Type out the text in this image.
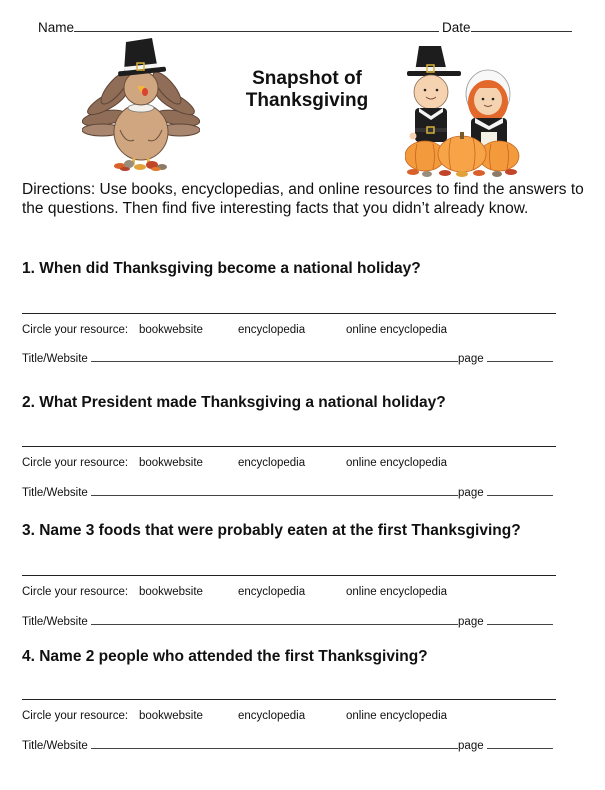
Name	Date
Snapshot of
Thanksgiving
Directions: Use books, encyclopedias, and online resources to find the answers to the questions. Then find five interesting facts that you didn’t already know.
1. When did Thanksgiving become a national holiday?
Circle your resource: bookwebsite	encyclopedia	online encyclopedia
Title/Website	page
2. What President made Thanksgiving a national holiday?
Circle your resource: bookwebsite	encyclopedia	online encyclopedia
Title/Website	page
3. Name 3 foods that were probably eaten at the first Thanksgiving?
Circle your resource: bookwebsite	encyclopedia	online encyclopedia
Title/Website	page
4. Name 2 people who attended the first Thanksgiving?
Circle your resource: bookwebsite	encyclopedia	online encyclopedia
Title/Website	page
